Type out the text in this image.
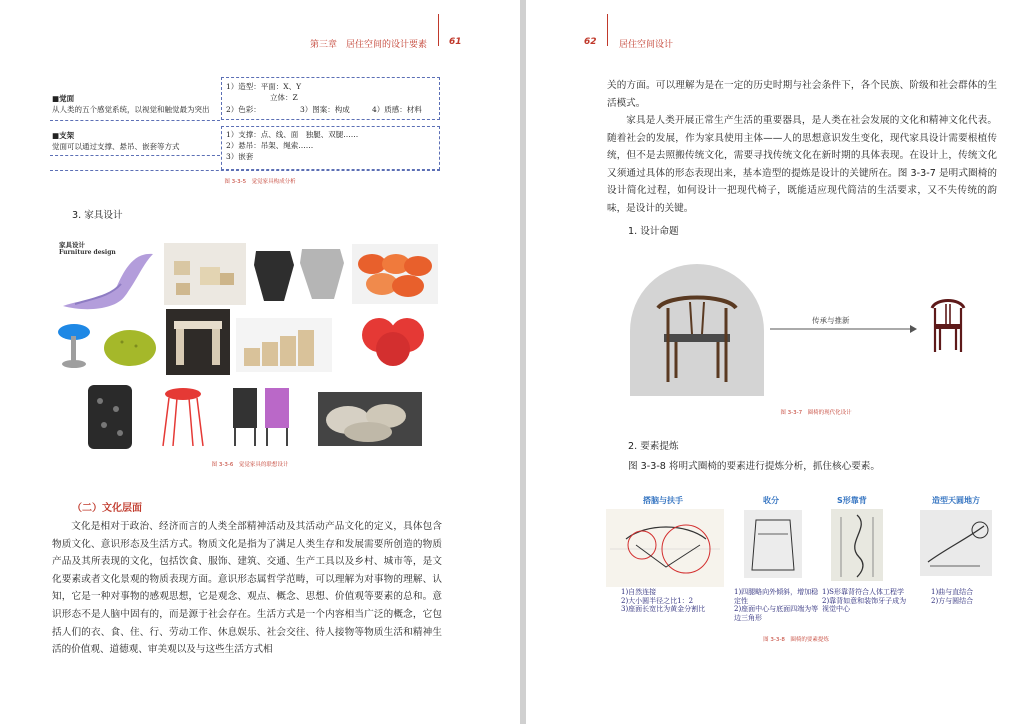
第三章　居住空间的设计要素 61
■觉面
从人类的五个感觉系统，以视觉和触觉最为突出
1）造型：平面：X、Y
立体：Z
2）色彩：	3）图案：构成	4）质感：材料
■支架
觉面可以通过支撑、悬吊、嵌套等方式
1）支撑：点、线、面　独腿、双腿……
2）悬吊：吊架、绳索……
3）嵌套
图 3-3-5　觉觉家具构成分析
3. 家具设计
家具设计
Furniture design
图 3-3-6　觉觉家具的联想设计
（二）文化层面
文化是相对于政治、经济而言的人类全部精神活动及其活动产品文化的定义，具体包含物质文化、意识形态及生活方式。物质文化是指为了满足人类生存和发展需要所创造的物质产品及其所表现的文化，包括饮食、服饰、建筑、交通、生产工具以及乡村、城市等，是文化要素或者文化景观的物质表现方面。意识形态属哲学范畴，可以理解为对事物的理解、认知，它是一种对事物的感观思想，它是观念、观点、概念、思想、价值观等要素的总和。意识形态不是人脑中固有的，而是源于社会存在。生活方式是一个内容相当广泛的概念，它包括人们的衣、食、住、行、劳动工作、休息娱乐、社会交往、待人接物等物质生活和精神生活的价值观、道德观、审美观以及与这些生活方式相
62 居住空间设计
关的方面。可以理解为是在一定的历史时期与社会条件下，各个民族、阶级和社会群体的生活模式。
家具是人类开展正常生产生活的重要器具，是人类在社会发展的文化和精神文化代表。随着社会的发展，作为家具使用主体——人的思想意识发生变化，现代家具设计需要根植传统，但不是去照搬传统文化，需要寻找传统文化在新时期的具体表现。在设计上，传统文化又须通过具体的形态表现出来，基本造型的提炼是设计的关键所在。图 3-3-7 是明式圈椅的设计简化过程，如何设计一把现代椅子，既能适应现代简洁的生活要求，又不失传统的韵味，是设计的关键。
1. 设计命题
传承与推新
图 3-3-7　圈椅的现代化设计
2. 要素提炼
图 3-3-8 将明式圈椅的要素进行提炼分析，抓住核心要素。
搭脑与扶手	收分	S形靠背	造型天圆地方
1)自然连接
2)大小圆半径之比1：2
3)座面长宽比为黄金分割比
1)四腿略向外倾斜，增加稳定性
2)座面中心与底面四端为等边三角形
1)S形靠背符合人体工程学
2)靠背如意和装饰牙子成为视觉中心
1)曲与直结合
2)方与圆结合
图 3-3-8　圈椅的要素提炼
